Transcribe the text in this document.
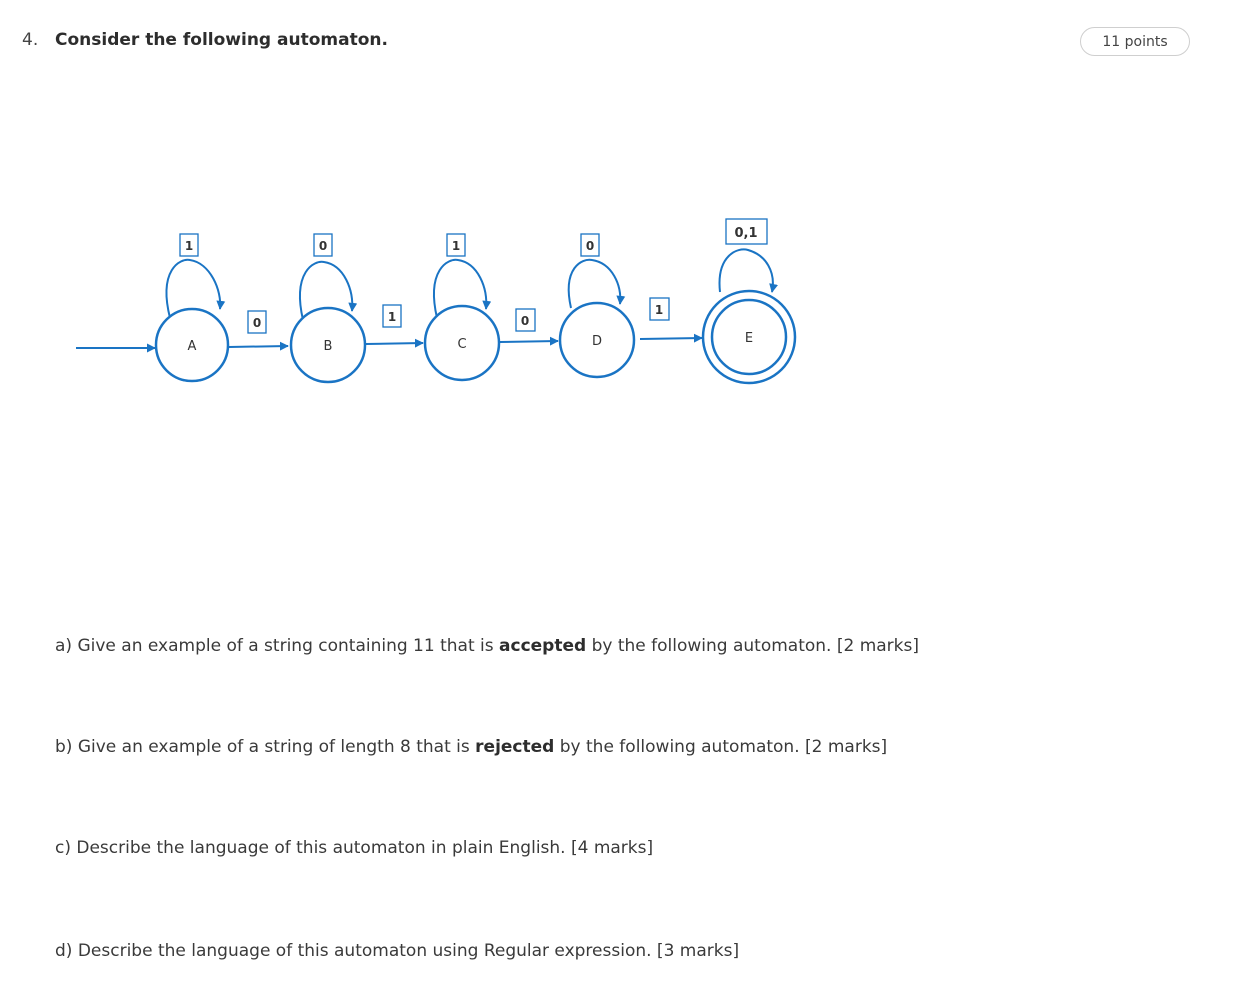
4. Consider the following automaton.	11 points
A	B	C	D	E
1	0	1	0
0,1
0	1	0
1
a) Give an example of a string containing 11 that is accepted by the following automaton. [2 marks]
b) Give an example of a string of length 8 that is rejected by the following automaton. [2 marks]
c) Describe the language of this automaton in plain English. [4 marks]
d) Describe the language of this automaton using Regular expression. [3 marks]
